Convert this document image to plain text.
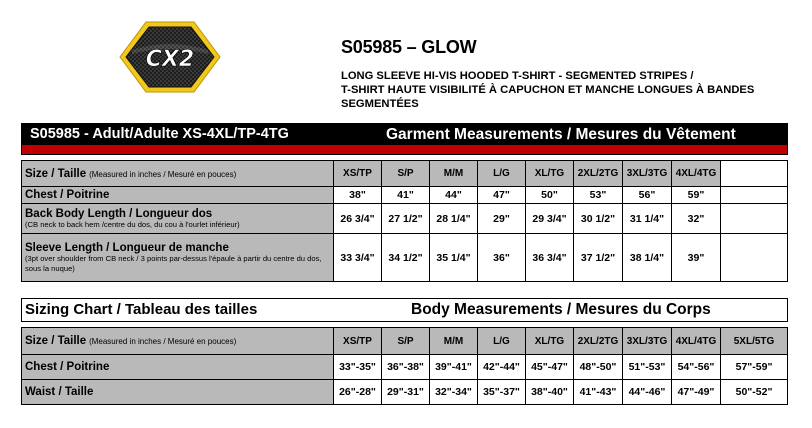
CX2	S05985 – GLOW
LONG SLEEVE HI-VIS HOODED T-SHIRT - SEGMENTED STRIPES /
T-SHIRT HAUTE VISIBILITÉ À CAPUCHON ET MANCHE LONGUES À BANDES
SEGMENTÉES
S05985 - Adult/Adulte XS-4XL/TP-4TG Garment Measurements / Mesures du Vêtement									

Size / Taille (Measured in inches / Mesuré en pouces)	XS/TP	S/P	M/M	L/G	XL/TG	2XL/2TG	3XL/3TG	4XL/4TG	
Chest / Poitrine	38"	41"	44"	47"	50"	53"	56"	59"	
Back Body Length / Longueur dos
(CB neck to back hem /centre du dos, du cou à l'ourlet inférieur)	26 3/4"	27 1/2"	28 1/4"	29"	29 3/4"	30 1/2"	31 1/4"	32"	
Sleeve Length / Longueur de manche
(3pt over shoulder from CB neck / 3 points par-dessus l'épaule à partir du centre du dos, sous la nuque)	33 3/4"	34 1/2"	35 1/4"	36"	36 3/4"	37 1/2"	38 1/4"	39"	
Sizing Chart / Tableau des tailles Body Measurements / Mesures du Corps									

Size / Taille (Measured in inches / Mesuré en pouces)	XS/TP	S/P	M/M	L/G	XL/TG	2XL/2TG	3XL/3TG	4XL/4TG	5XL/5TG
Chest / Poitrine	33"-35"	36"-38"	39"-41"	42"-44"	45"-47"	48"-50"	51"-53"	54"-56"	57"-59"
Waist / Taille	26"-28"	29"-31"	32"-34"	35"-37"	38"-40"	41"-43"	44"-46"	47"-49"	50"-52"
